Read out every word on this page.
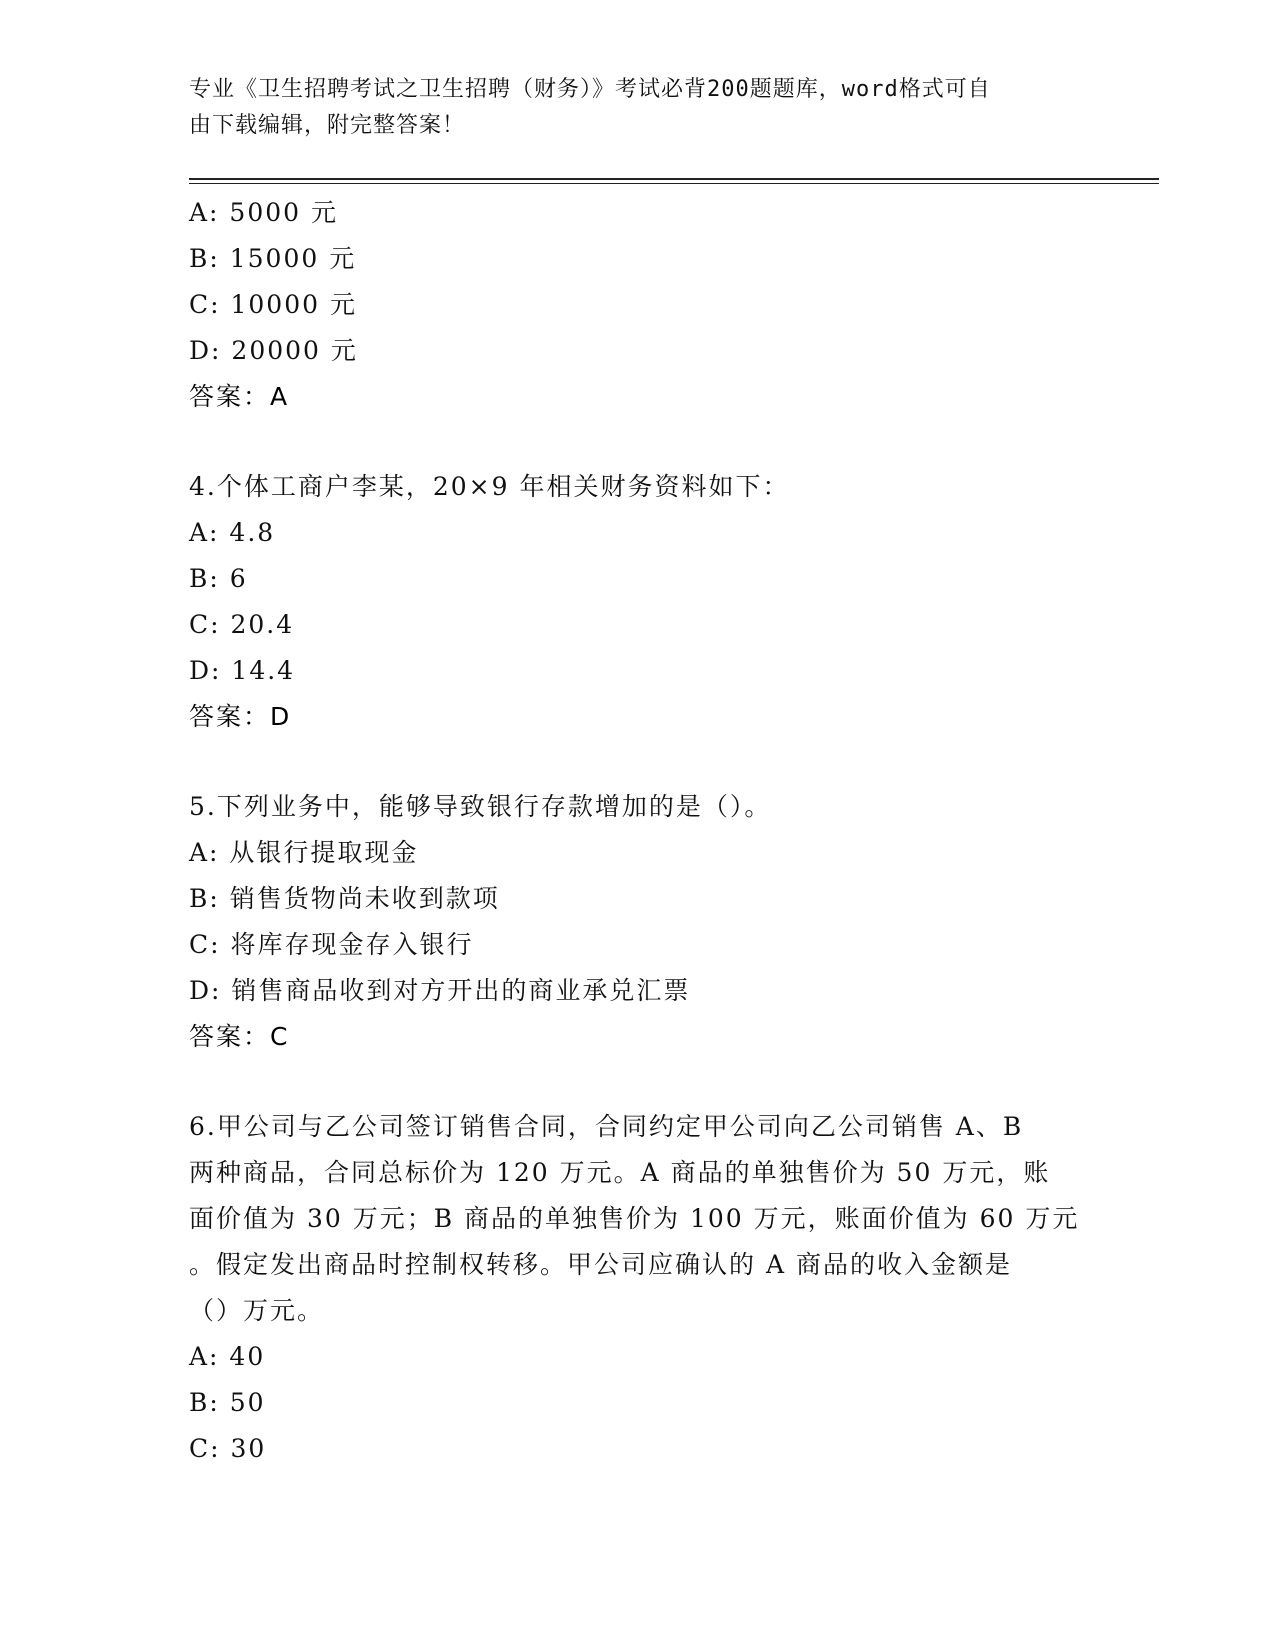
专业《卫生招聘考试之卫生招聘（财务）》考试必背200题题库，word格式可自
由下载编辑，附完整答案！
A: 5000 元
B: 15000 元
C: 10000 元
D: 20000 元
答案：A
4.个体工商户李某，20×9 年相关财务资料如下：
A: 4.8
B: 6
C: 20.4
D: 14.4
答案：D
5.下列业务中，能够导致银行存款增加的是（）。
A: 从银行提取现金
B: 销售货物尚未收到款项
C: 将库存现金存入银行
D: 销售商品收到对方开出的商业承兑汇票
答案：C
6.甲公司与乙公司签订销售合同，合同约定甲公司向乙公司销售 A、B
两种商品，合同总标价为 120 万元。A 商品的单独售价为 50 万元，账
面价值为 30 万元；B 商品的单独售价为 100 万元，账面价值为 60 万元
。假定发出商品时控制权转移。甲公司应确认的 A 商品的收入金额是
（）万元。
A: 40
B: 50
C: 30
